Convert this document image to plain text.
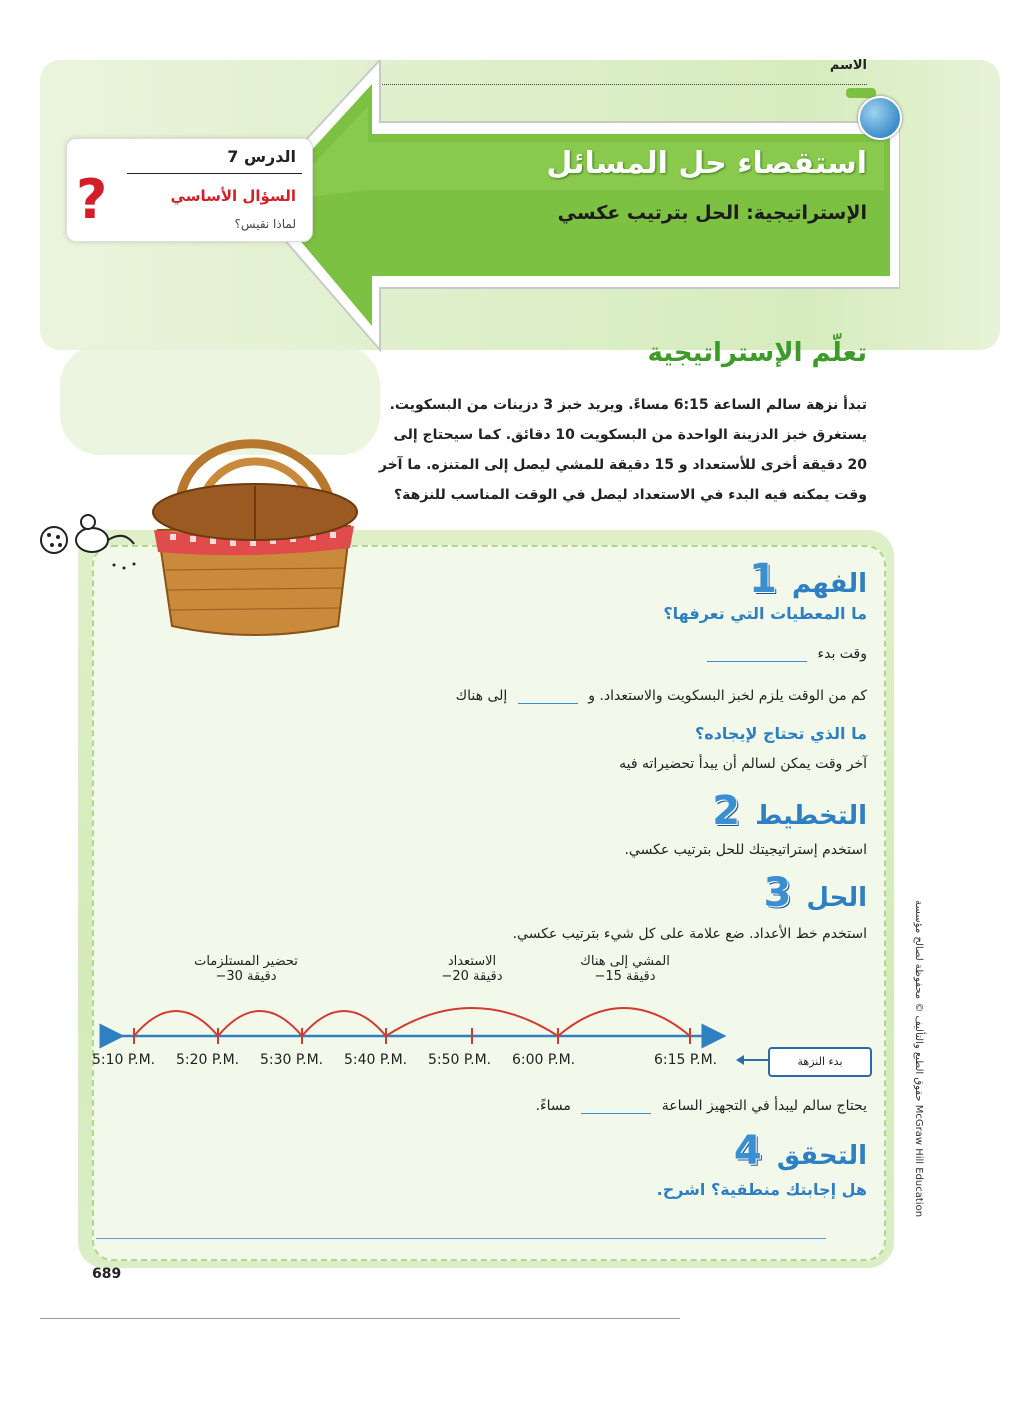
الاسم
استقصاء حل المسائل
الإستراتيجية: الحل بترتيب عكسي
الدرس 7
السؤال الأساسي
لماذا نقيس؟
?
تعلّم الإستراتيجية
تبدأ نزهة سالم الساعة 6:15 مساءً. ويريد خبز 3 دزينات من البسكويت.
يستغرق خبز الدزينة الواحدة من البسكويت 10 دقائق. كما سيحتاج إلى
20 دقيقة أخرى للأستعداد و 15 دقيقة للمشي ليصل إلى المتنزه. ما آخر
وقت يمكنه فيه البدء في الاستعداد ليصل في الوقت المناسب للنزهة؟
الفهم 1
ما المعطيات التي تعرفها؟
وقت بدء
كم من الوقت يلزم لخبز البسكويت والاستعداد. و  إلى هناك
ما الذي تحتاج لإيجاده؟
آخر وقت يمكن لسالم أن يبدأ تحضيراته فيه
التخطيط 2
استخدم إستراتيجيتك للحل بترتيب عكسي.
الحل 3
استخدم خط الأعداد. ضع علامة على كل شيء بترتيب عكسي.
تحضير المستلزمات
−30 دقيقة
الاستعداد
−20 دقيقة
المشي إلى هناك
−15 دقيقة
5:10 P.M. 5:20 P.M. 5:30 P.M. 5:40 P.M. 5:50 P.M. 6:00 P.M.	6:15 P.M.	بدء النزهة
يحتاج سالم ليبدأ في التجهيز الساعة  مساءً.
التحقق 4
هل إجابتك منطقية؟ اشرح.
689
حقوق الطبع والتأليف © محفوظة لصالح مؤسسة McGraw Hill Education
